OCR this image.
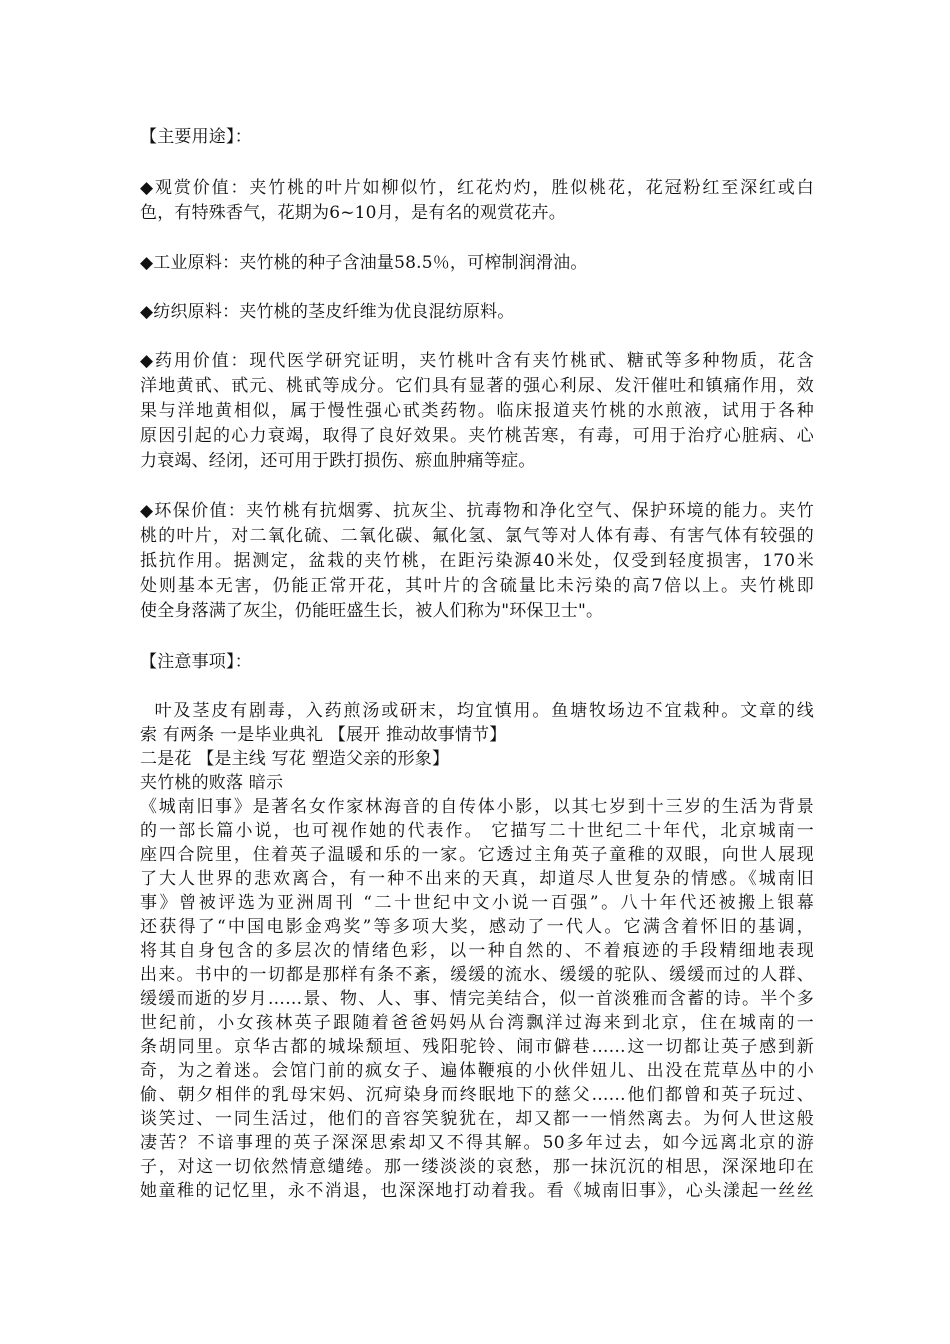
【主要用途】：
◆观赏价值：夹竹桃的叶片如柳似竹，红花灼灼，胜似桃花，花冠粉红至深红或白
色，有特殊香气，花期为6~10月，是有名的观赏花卉。
◆工业原料：夹竹桃的种子含油量58.5％，可榨制润滑油。
◆纺织原料：夹竹桃的茎皮纤维为优良混纺原料。
◆药用价值：现代医学研究证明，夹竹桃叶含有夹竹桃甙、糖甙等多种物质，花含
洋地黄甙、甙元、桃甙等成分。它们具有显著的强心利尿、发汗催吐和镇痛作用，效
果与洋地黄相似，属于慢性强心甙类药物。临床报道夹竹桃的水煎液，试用于各种
原因引起的心力衰竭，取得了良好效果。夹竹桃苦寒，有毒，可用于治疗心脏病、心
力衰竭、经闭，还可用于跌打损伤、瘀血肿痛等症。
◆环保价值：夹竹桃有抗烟雾、抗灰尘、抗毒物和净化空气、保护环境的能力。夹竹
桃的叶片，对二氧化硫、二氧化碳、氟化氢、氯气等对人体有毒、有害气体有较强的
抵抗作用。据测定，盆栽的夹竹桃，在距污染源40米处，仅受到轻度损害，170米
处则基本无害，仍能正常开花，其叶片的含硫量比未污染的高7倍以上。夹竹桃即
使全身落满了灰尘，仍能旺盛生长，被人们称为"环保卫士"。
【注意事项】：
叶及茎皮有剧毒，入药煎汤或研末，均宜慎用。鱼塘牧场边不宜栽种。文章的线
索 有两条 一是毕业典礼 【展开 推动故事情节】
二是花 【是主线 写花 塑造父亲的形象】
夹竹桃的败落 暗示
《城南旧事》是著名女作家林海音的自传体小影，以其七岁到十三岁的生活为背景
的一部长篇小说，也可视作她的代表作。 它描写二十世纪二十年代，北京城南一
座四合院里，住着英子温暖和乐的一家。它透过主角英子童稚的双眼，向世人展现
了大人世界的悲欢离合，有一种不出来的天真，却道尽人世复杂的情感。《城南旧
事》曾被评选为亚洲周刊 “二十世纪中文小说一百强”。八十年代还被搬上银幕
还获得了“中国电影金鸡奖”等多项大奖，感动了一代人。它满含着怀旧的基调，
将其自身包含的多层次的情绪色彩，以一种自然的、不着痕迹的手段精细地表现
出来。书中的一切都是那样有条不紊，缓缓的流水、缓缓的驼队、缓缓而过的人群、
缓缓而逝的岁月……景、物、人、事、情完美结合，似一首淡雅而含蓄的诗。半个多
世纪前，小女孩林英子跟随着爸爸妈妈从台湾飘洋过海来到北京，住在城南的一
条胡同里。京华古都的城垛颓垣、残阳驼铃、闹市僻巷……这一切都让英子感到新
奇，为之着迷。会馆门前的疯女子、遍体鞭痕的小伙伴妞儿、出没在荒草丛中的小
偷、朝夕相伴的乳母宋妈、沉疴染身而终眠地下的慈父……他们都曾和英子玩过、
谈笑过、一同生活过，他们的音容笑貌犹在，却又都一一悄然离去。为何人世这般
凄苦？不谙事理的英子深深思索却又不得其解。50多年过去，如今远离北京的游
子，对这一切依然情意缱绻。那一缕淡淡的哀愁，那一抹沉沉的相思，深深地印在
她童稚的记忆里，永不消退，也深深地打动着我。看《城南旧事》，心头漾起一丝丝
